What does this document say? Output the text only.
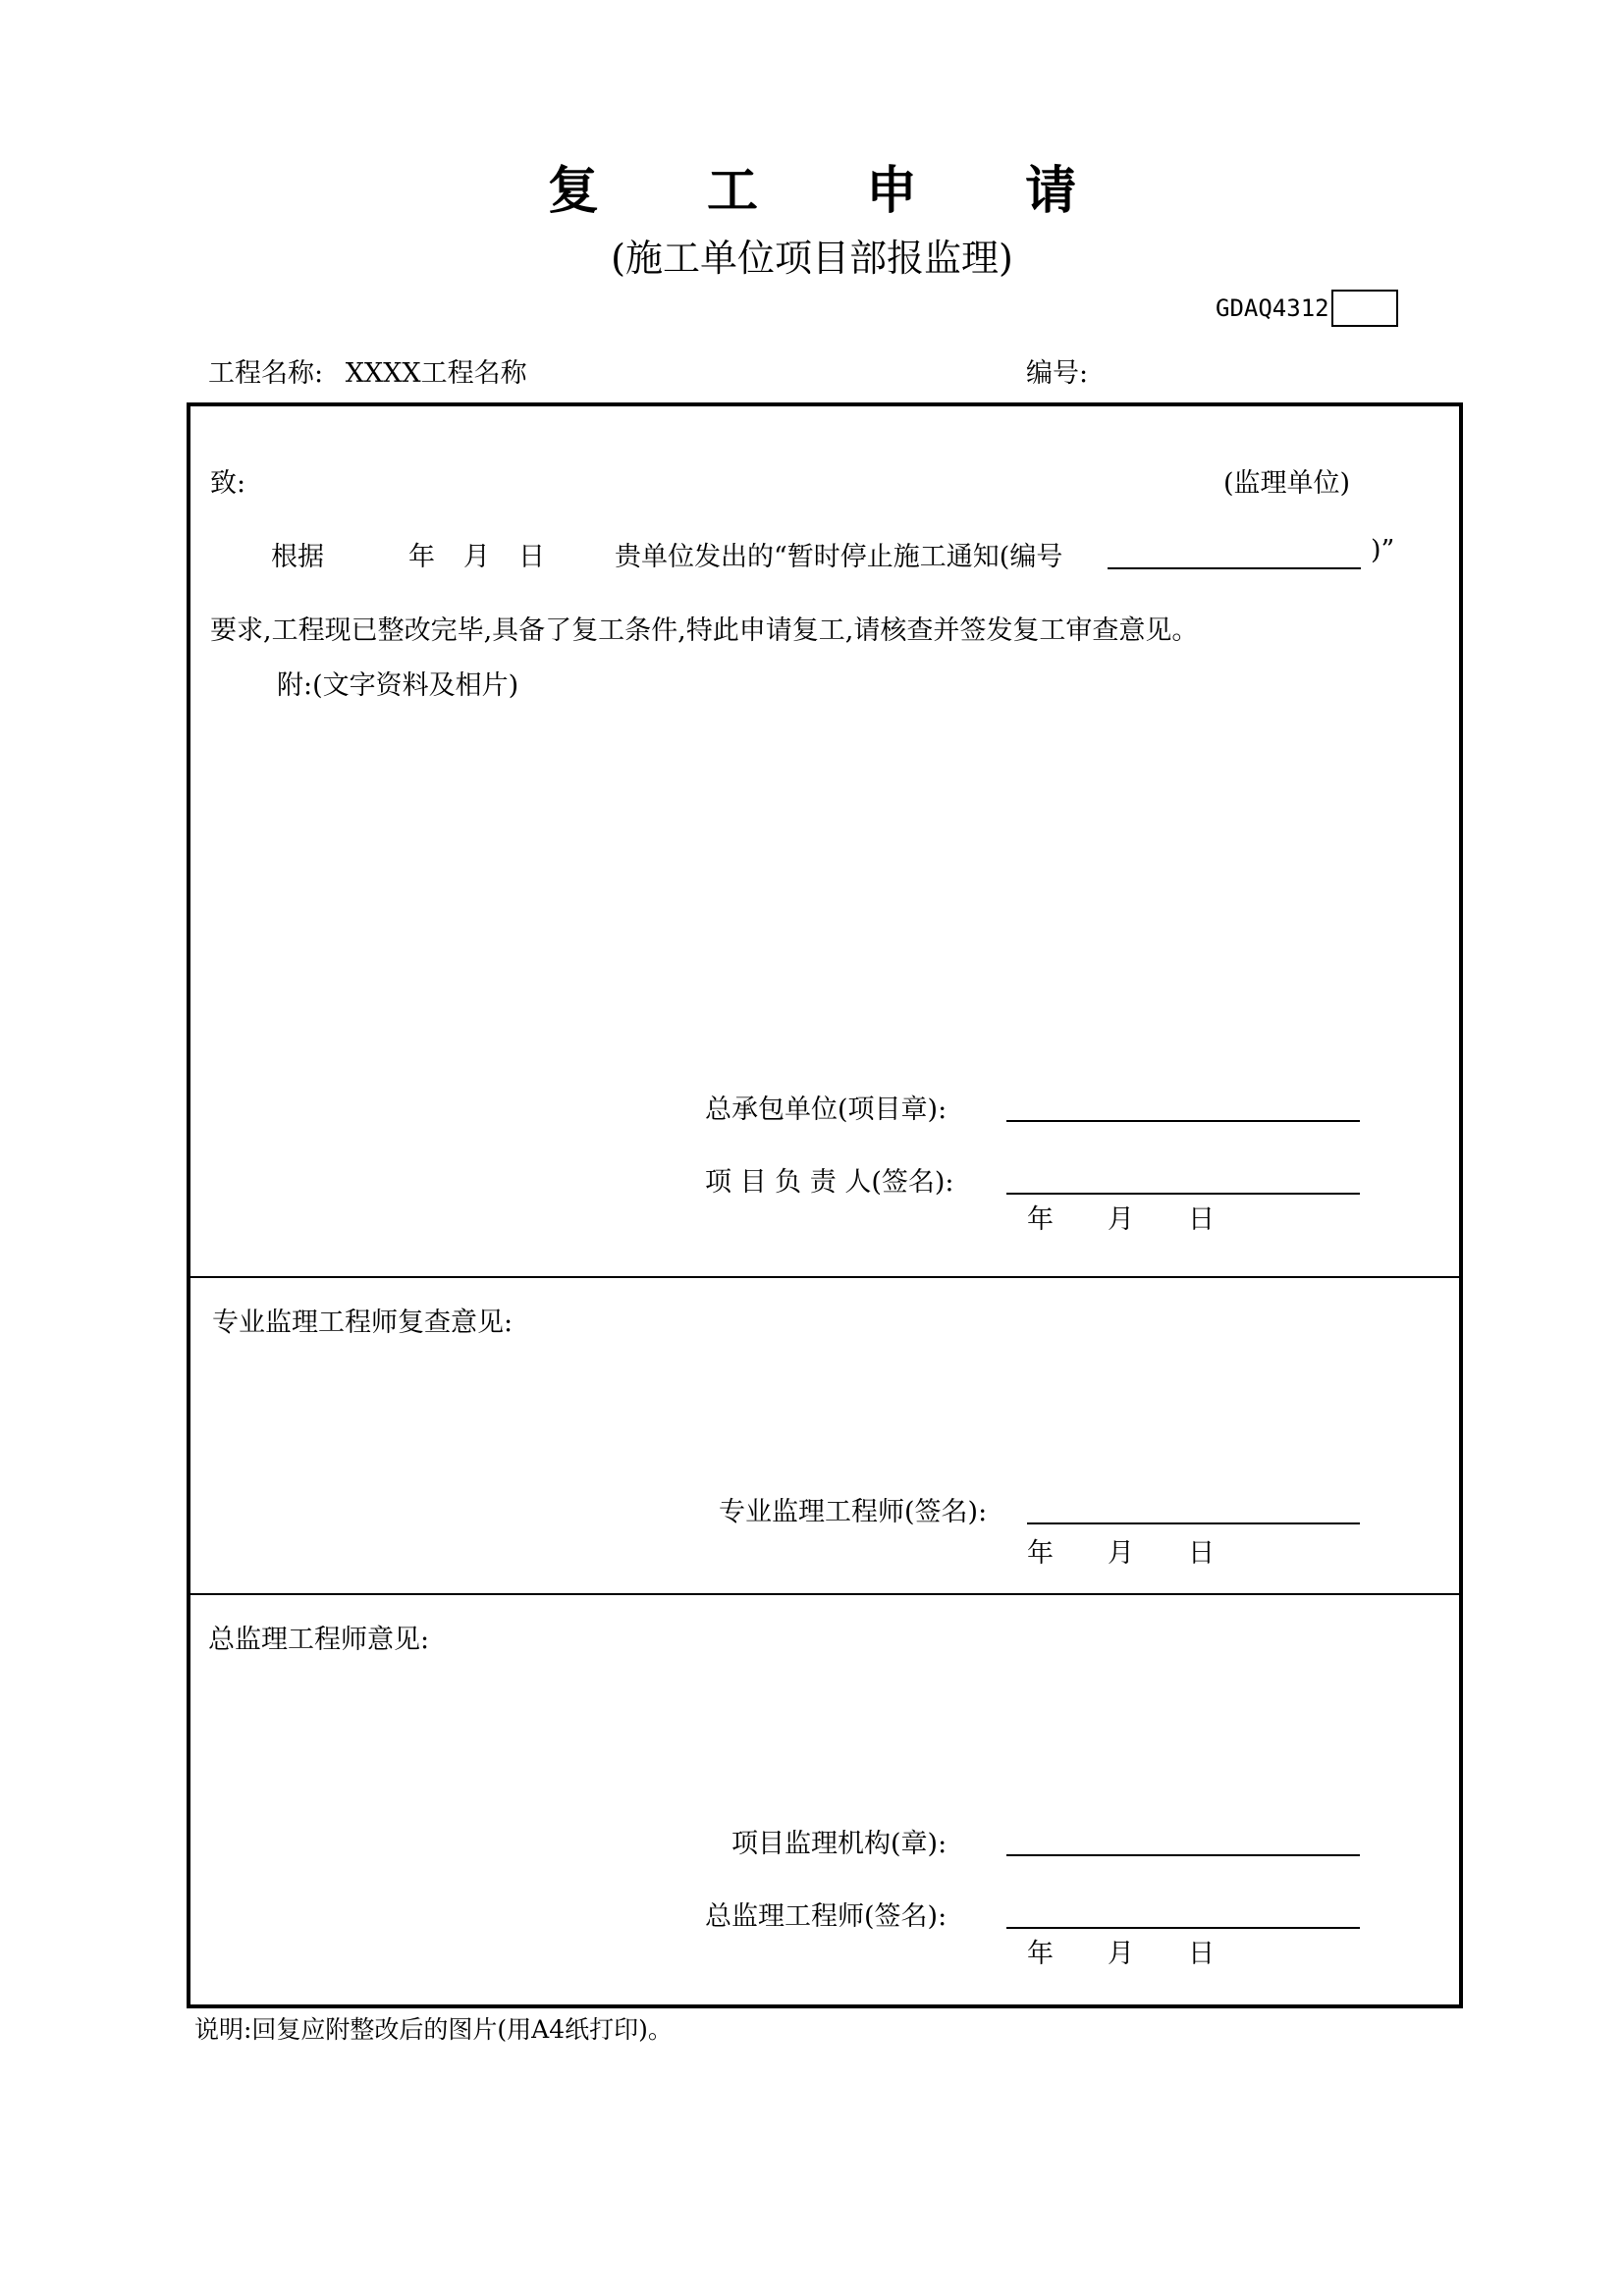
复 工 申 请
(施工单位项目部报监理)
GDAQ4312
工程名称: XXXX工程名称	编号:
致:	(监理单位)
根据	年 月 日	贵单位发出的“暂时停止施工通知(编号	)”
要求,工程现已整改完毕,具备了复工条件,特此申请复工,请核查并签发复工审查意见。
附:(文字资料及相片)
总承包单位(项目章):
项 目 负 责 人(签名):
年 月 日
专业监理工程师复查意见:
专业监理工程师(签名):
年 月 日
总监理工程师意见:
项目监理机构(章):
总监理工程师(签名):
年 月 日
说明:回复应附整改后的图片(用A4纸打印)。
